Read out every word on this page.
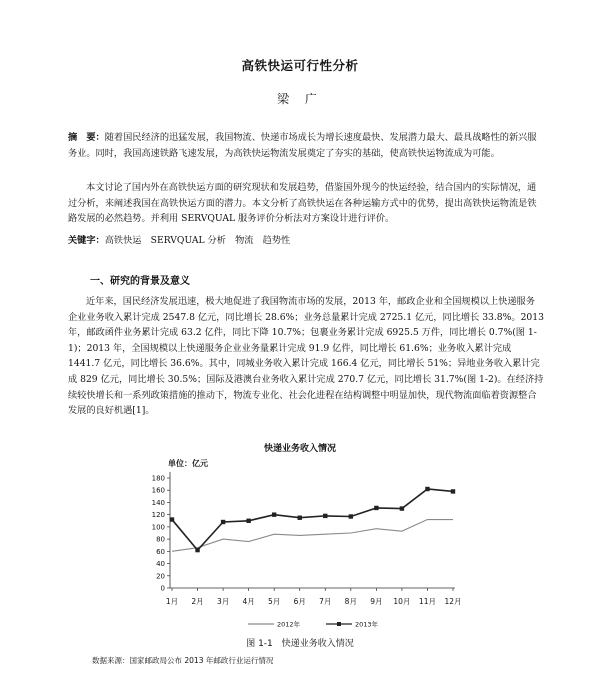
高铁快运可行性分析
梁 广

摘　要：随着国民经济的迅猛发展，我国物流、快递市场成长为增长速度最快、发展潜力最大、最具战略性的新兴服务业。同时，我国高速铁路飞速发展，为高铁快运物流发展奠定了夯实的基础，使高铁快运物流成为可能。

本文讨论了国内外在高铁快运方面的研究现状和发展趋势，借鉴国外现今的快运经验，结合国内的实际情况，通过分析，来阐述我国在高铁快运方面的潜力。本文分析了高铁快运在各种运输方式中的优势，提出高铁快运物流是铁路发展的必然趋势。并利用 SERVQUAL 服务评价分析法对方案设计进行评价。

关键字：高铁快运　SERVQUAL 分析　物流　趋势性

一、研究的背景及意义

近年来，国民经济发展迅速，极大地促进了我国物流市场的发展，2013 年，邮政企业和全国规模以上快递服务企业业务收入累计完成 2547.8 亿元，同比增长 28.6%；业务总量累计完成 2725.1 亿元，同比增长 33.8%。2013 年，邮政函件业务累计完成 63.2 亿件，同比下降 10.7%；包裹业务累计完成 6925.5 万件，同比增长 0.7%(图 1-1)；2013 年，全国规模以上快递服务企业业务量累计完成 91.9 亿件，同比增长 61.6%；业务收入累计完成 1441.7 亿元，同比增长 36.6%。其中，同城业务收入累计完成 166.4 亿元，同比增长 51%；异地业务收入累计完成 829 亿元，同比增长 30.5%；国际及港澳台业务收入累计完成 270.7 亿元，同比增长 31.7%(图 1-2)。在经济持续较快增长和一系列政策措施的推动下，物流专业化、社会化进程在结构调整中明显加快，现代物流面临着资源整合发展的良好机遇[1]。

快递业务收入情况
单位：亿元
0
20
40
60
80
100
120
140
160
180
1月 2月 3月 4月 5月 6月 7月 8月 9月 10月 11月 12月
2012年	2013年
图 1-1　快递业务收入情况
数据来源：国家邮政局公布 2013 年邮政行业运行情况
